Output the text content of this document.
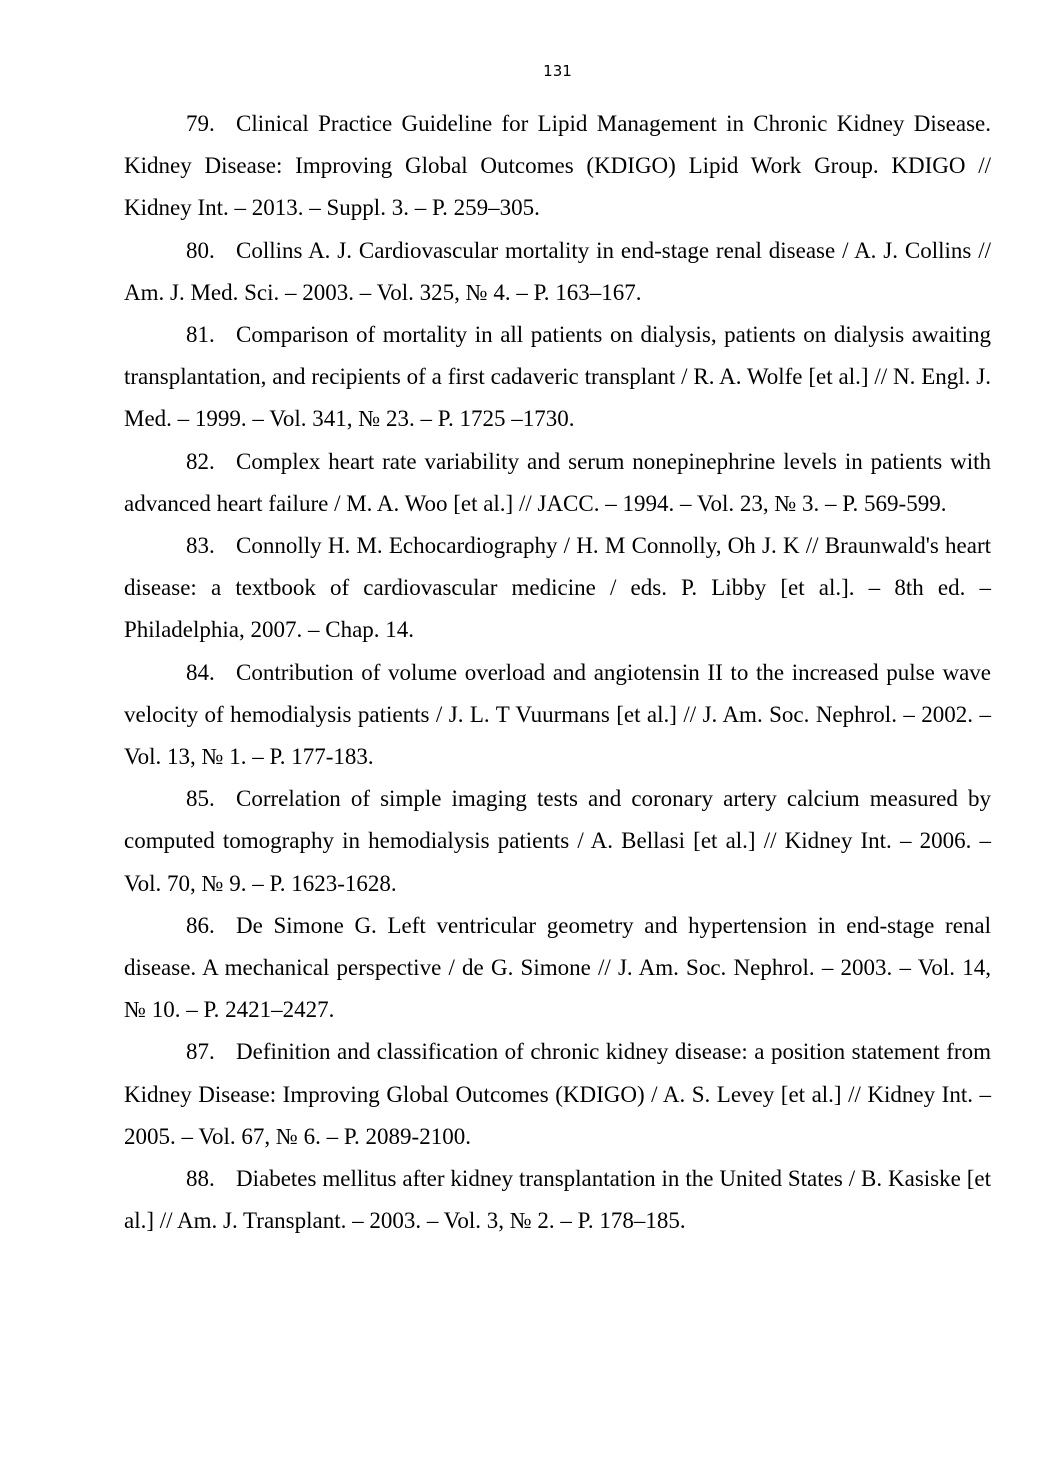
131

79. Clinical Practice Guideline for Lipid Management in Chronic Kidney Disease. Kidney Disease: Improving Global Outcomes (KDIGO) Lipid Work Group. KDIGO // Kidney Int. – 2013. – Suppl. 3. – P. 259–305.

80. Collins A. J. Cardiovascular mortality in end-stage renal disease / A. J. Collins // Am. J. Med. Sci. – 2003. – Vol. 325, № 4. – P. 163–167.

81. Comparison of mortality in all patients on dialysis, patients on dialysis awaiting transplantation, and recipients of a first cadaveric transplant / R. A. Wolfe [et al.] // N. Engl. J. Med. – 1999. – Vol. 341, № 23. – P. 1725 –1730.

82. Complex heart rate variability and serum nonepinephrine levels in patients with advanced heart failure / M. A. Woo [et al.] // JACC. – 1994. – Vol. 23, № 3. – P. 569-599.

83. Connolly H. M. Echocardiography / H. M Connolly, Oh J. K // Braunwald's heart disease: a textbook of cardiovascular medicine / eds. P. Libby [et al.]. – 8th ed. – Philadelphia, 2007. – Chap. 14.

84. Contribution of volume overload and angiotensin II to the increased pulse wave velocity of hemodialysis patients / J. L. T Vuurmans [et al.] // J. Am. Soc. Nephrol. – 2002. – Vol. 13, № 1. – P. 177-183.

85. Correlation of simple imaging tests and coronary artery calcium measured by computed tomography in hemodialysis patients / A. Bellasi [et al.] // Kidney Int. – 2006. – Vol. 70, № 9. – P. 1623-1628.

86. De Simone G. Left ventricular geometry and hypertension in end-stage renal disease. A mechanical perspective / de G. Simone // J. Am. Soc. Nephrol. – 2003. – Vol. 14, № 10. – P. 2421–2427.

87. Definition and classification of chronic kidney disease: a position statement from Kidney Disease: Improving Global Outcomes (KDIGO) / A. S. Levey [et al.] // Kidney Int. – 2005. – Vol. 67, № 6. – P. 2089-2100.

88. Diabetes mellitus after kidney transplantation in the United States / B. Kasiske [et al.] // Am. J. Transplant. – 2003. – Vol. 3, № 2. – P. 178–185.
